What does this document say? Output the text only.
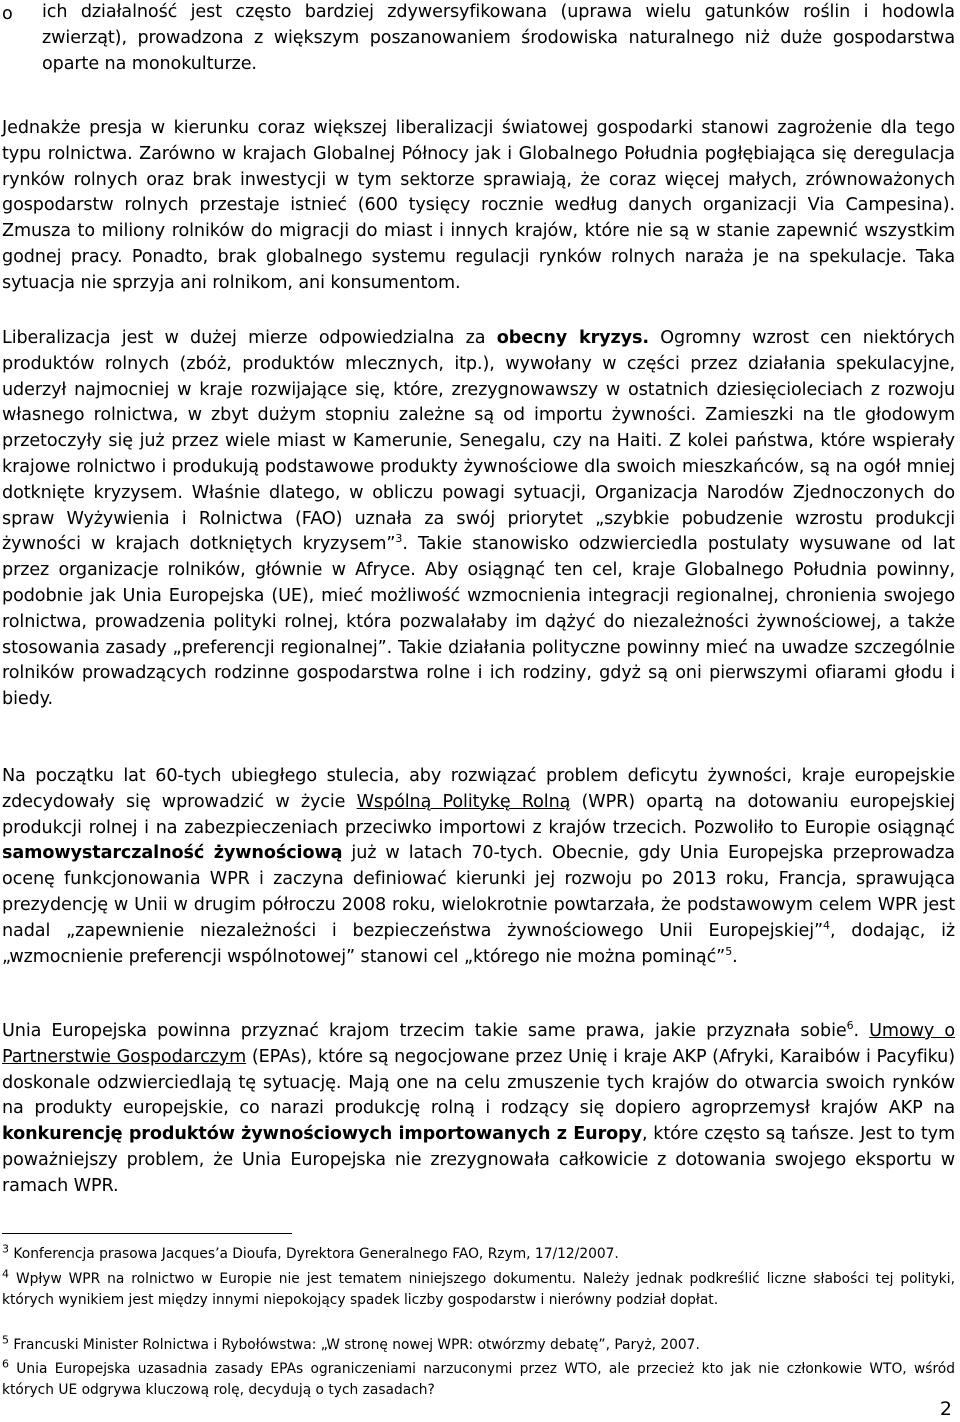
o ich działalność jest często bardziej zdywersyfikowana (uprawa wielu gatunków roślin i hodowla zwierząt), prowadzona z większym poszanowaniem środowiska naturalnego niż duże gospodarstwa oparte na monokulturze.

Jednakże presja w kierunku coraz większej liberalizacji światowej gospodarki stanowi zagrożenie dla tego typu rolnictwa. Zarówno w krajach Globalnej Północy jak i Globalnego Południa pogłębiająca się deregulacja rynków rolnych oraz brak inwestycji w tym sektorze sprawiają, że coraz więcej małych, zrównoważonych gospodarstw rolnych przestaje istnieć (600 tysięcy rocznie według danych organizacji Via Campesina). Zmusza to miliony rolników do migracji do miast i innych krajów, które nie są w stanie zapewnić wszystkim godnej pracy. Ponadto, brak globalnego systemu regulacji rynków rolnych naraża je na spekulacje. Taka sytuacja nie sprzyja ani rolnikom, ani konsumentom.

Liberalizacja jest w dużej mierze odpowiedzialna za obecny kryzys. Ogromny wzrost cen niektórych produktów rolnych (zbóż, produktów mlecznych, itp.), wywołany w części przez działania spekulacyjne, uderzył najmocniej w kraje rozwijające się, które, zrezygnowawszy w ostatnich dziesięcioleciach z rozwoju własnego rolnictwa, w zbyt dużym stopniu zależne są od importu żywności. Zamieszki na tle głodowym przetoczyły się już przez wiele miast w Kamerunie, Senegalu, czy na Haiti. Z kolei państwa, które wspierały krajowe rolnictwo i produkują podstawowe produkty żywnościowe dla swoich mieszkańców, są na ogół mniej dotknięte kryzysem. Właśnie dlatego, w obliczu powagi sytuacji, Organizacja Narodów Zjednoczonych do spraw Wyżywienia i Rolnictwa (FAO) uznała za swój priorytet „szybkie pobudzenie wzrostu produkcji żywności w krajach dotkniętych kryzysem”$^3$. Takie stanowisko odzwierciedla postulaty wysuwane od lat przez organizacje rolników, głównie w Afryce. Aby osiągnąć ten cel, kraje Globalnego Południa powinny, podobnie jak Unia Europejska (UE), mieć możliwość wzmocnienia integracji regionalnej, chronienia swojego rolnictwa, prowadzenia polityki rolnej, która pozwalałaby im dążyć do niezależności żywnościowej, a także stosowania zasady „preferencji regionalnej”. Takie działania polityczne powinny mieć na uwadze szczególnie rolników prowadzących rodzinne gospodarstwa rolne i ich rodziny, gdyż są oni pierwszymi ofiarami głodu i biedy.

Na początku lat 60-tych ubiegłego stulecia, aby rozwiązać problem deficytu żywności, kraje europejskie zdecydowały się wprowadzić w życie Wspólną Politykę Rolną (WPR) opartą na dotowaniu europejskiej produkcji rolnej i na zabezpieczeniach przeciwko importowi z krajów trzecich. Pozwoliło to Europie osiągnąć samowystarczalność żywnościową już w latach 70-tych. Obecnie, gdy Unia Europejska przeprowadza ocenę funkcjonowania WPR i zaczyna definiować kierunki jej rozwoju po 2013 roku, Francja, sprawująca prezydencję w Unii w drugim półroczu 2008 roku, wielokrotnie powtarzała, że podstawowym celem WPR jest nadal „zapewnienie niezależności i bezpieczeństwa żywnościowego Unii Europejskiej”$^4$, dodając, iż „wzmocnienie preferencji wspólnotowej” stanowi cel „którego nie można pominąć”$^5$.

Unia Europejska powinna przyznać krajom trzecim takie same prawa, jakie przyznała sobie$^6$. Umowy o Partnerstwie Gospodarczym (EPAs), które są negocjowane przez Unię i kraje AKP (Afryki, Karaibów i Pacyfiku) doskonale odzwierciedlają tę sytuację. Mają one na celu zmuszenie tych krajów do otwarcia swoich rynków na produkty europejskie, co narazi produkcję rolną i rodzący się dopiero agroprzemysł krajów AKP na konkurencję produktów żywnościowych importowanych z Europy, które często są tańsze. Jest to tym poważniejszy problem, że Unia Europejska nie zrezygnowała całkowicie z dotowania swojego eksportu w ramach WPR.

$^3$ Konferencja prasowa Jacques’a Dioufa, Dyrektora Generalnego FAO, Rzym, 17/12/2007.

$^4$ Wpływ WPR na rolnictwo w Europie nie jest tematem niniejszego dokumentu. Należy jednak podkreślić liczne słabości tej polityki, których wynikiem jest między innymi niepokojący spadek liczby gospodarstw i nierówny podział dopłat.

$^5$ Francuski Minister Rolnictwa i Rybołówstwa: „W stronę nowej WPR: otwórzmy debatę”, Paryż, 2007.

$^6$ Unia Europejska uzasadnia zasady EPAs ograniczeniami narzuconymi przez WTO, ale przecież kto jak nie członkowie WTO, wśród których UE odgrywa kluczową rolę, decydują o tych zasadach?

2
